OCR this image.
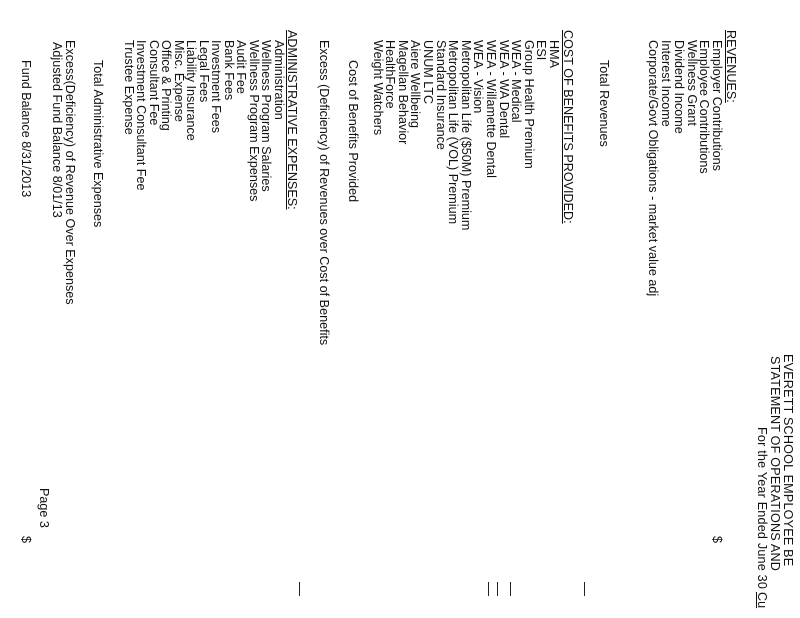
EVERETT SCHOOL EMPLOYEE BE
STATEMENT OF OPERATIONS AND
For the Year Ended June 30
Cu
REVENUES:
Employer Contributions
Employee Contributions
Wellness Grant
Dividend Income
Interest Income
Corporate/Govt Obligations - market value adj
Total Revenues
COST OF BENEFITS PROVIDED:
HMA
ESI
Group Health Premium
WEA - Medical
WEA - WA Dental
WEA - Willamette Dental
WEA - Vision
Metropolitan Life ($50M) Premium
Metropolitan Life (VOL) Premium
Standard Insurance
UNUM LTC
Aiere Wellbeing
Magellan Behavior
HealthForce
Weight Watchers
Cost of Benefits Provided
Excess (Deficiency) of Revenues over Cost of Benefits
ADMINISTRATIVE EXPENSES:
Administration
Wellness Program Salaries
Wellness Program Expenses
Audit Fee
Bank Fees
Investment Fees
Legal Fees
Liability Insurance
Misc. Expense
Office & Printing
Consultant Fee
Investment Consultant Fee
Trustee Expense
Total Administrative Expenses
Excess(Deficiency) of Revenue Over Expenses
Adjusted Fund Balance 8/01/13
Fund Balance 8/31/2013
$
$
Page 3
